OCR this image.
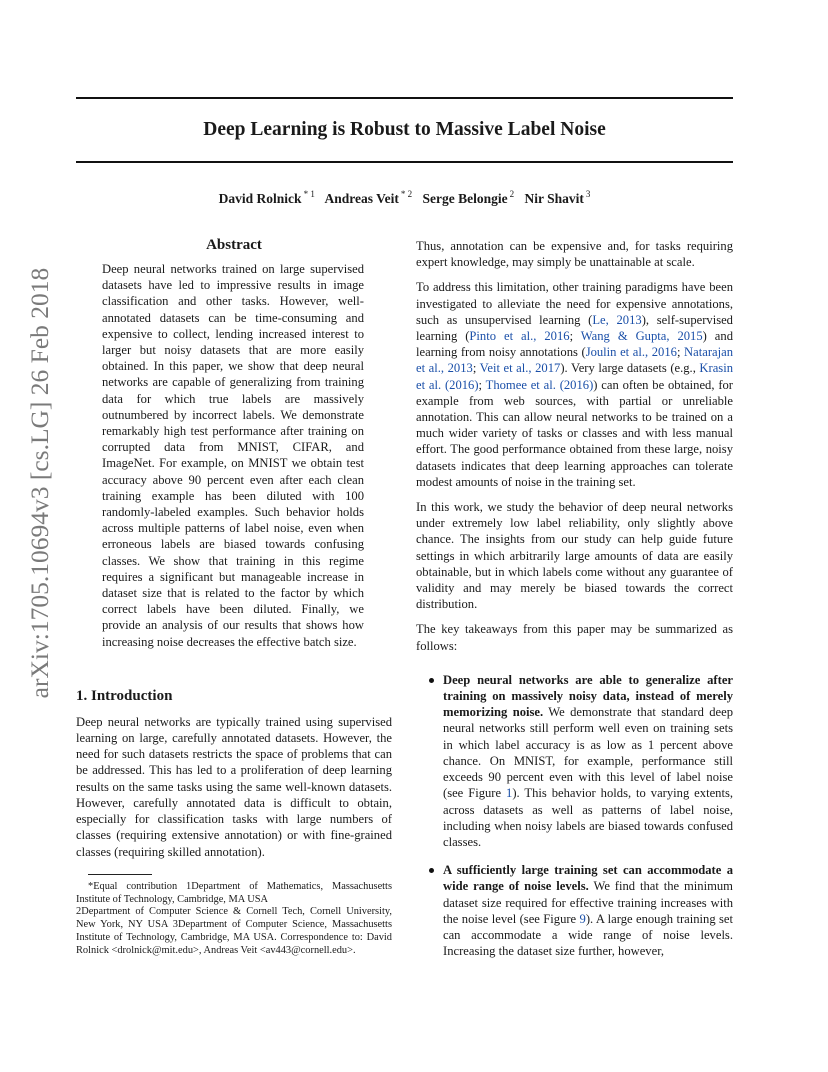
arXiv:1705.10694v3 [cs.LG] 26 Feb 2018
Deep Learning is Robust to Massive Label Noise
David Rolnick $^{* 1}$ Andreas Veit $^{* 2}$ Serge Belongie $^2$ Nir Shavit $^3$
Abstract

Deep neural networks trained on large supervised datasets have led to impressive results in image classification and other tasks. However, well-annotated datasets can be time-consuming and expensive to collect, lending increased interest to larger but noisy datasets that are more easily obtained. In this paper, we show that deep neural networks are capable of generalizing from training data for which true labels are massively outnumbered by incorrect labels. We demonstrate remarkably high test performance after training on corrupted data from MNIST, CIFAR, and ImageNet. For example, on MNIST we obtain test accuracy above 90 percent even after each clean training example has been diluted with 100 randomly-labeled examples. Such behavior holds across multiple patterns of label noise, even when erroneous labels are biased towards confusing classes. We show that training in this regime requires a significant but manageable increase in dataset size that is related to the factor by which correct labels have been diluted. Finally, we provide an analysis of our results that shows how increasing noise decreases the effective batch size.

1. Introduction

Deep neural networks are typically trained using supervised learning on large, carefully annotated datasets. However, the need for such datasets restricts the space of problems that can be addressed. This has led to a proliferation of deep learning results on the same tasks using the same well-known datasets. However, carefully annotated data is difficult to obtain, especially for classification tasks with large numbers of classes (requiring extensive annotation) or with fine-grained classes (requiring skilled annotation).

*Equal contribution 1Department of Mathematics, Massachusetts Institute of Technology, Cambridge, MA USA
2Department of Computer Science & Cornell Tech, Cornell University, New York, NY USA 3Department of Computer Science, Massachusetts Institute of Technology, Cambridge, MA USA. Correspondence to: David Rolnick <drolnick@mit.edu>, Andreas Veit <av443@cornell.edu>.

Thus, annotation can be expensive and, for tasks requiring expert knowledge, may simply be unattainable at scale.

To address this limitation, other training paradigms have been investigated to alleviate the need for expensive annotations, such as unsupervised learning (Le, 2013), self-supervised learning (Pinto et al., 2016; Wang & Gupta, 2015) and learning from noisy annotations (Joulin et al., 2016; Natarajan et al., 2013; Veit et al., 2017). Very large datasets (e.g., Krasin et al. (2016); Thomee et al. (2016)) can often be obtained, for example from web sources, with partial or unreliable annotation. This can allow neural networks to be trained on a much wider variety of tasks or classes and with less manual effort. The good performance obtained from these large, noisy datasets indicates that deep learning approaches can tolerate modest amounts of noise in the training set.

In this work, we study the behavior of deep neural networks under extremely low label reliability, only slightly above chance. The insights from our study can help guide future settings in which arbitrarily large amounts of data are easily obtainable, but in which labels come without any guarantee of validity and may merely be biased towards the correct distribution.

The key takeaways from this paper may be summarized as follows:

Deep neural networks are able to generalize after training on massively noisy data, instead of merely memorizing noise. We demonstrate that standard deep neural networks still perform well even on training sets in which label accuracy is as low as 1 percent above chance. On MNIST, for example, performance still exceeds 90 percent even with this level of label noise (see Figure 1). This behavior holds, to varying extents, across datasets as well as patterns of label noise, including when noisy labels are biased towards confused classes.
A sufficiently large training set can accommodate a wide range of noise levels. We find that the minimum dataset size required for effective training increases with the noise level (see Figure 9). A large enough training set can accommodate a wide range of noise levels. Increasing the dataset size further, however,
